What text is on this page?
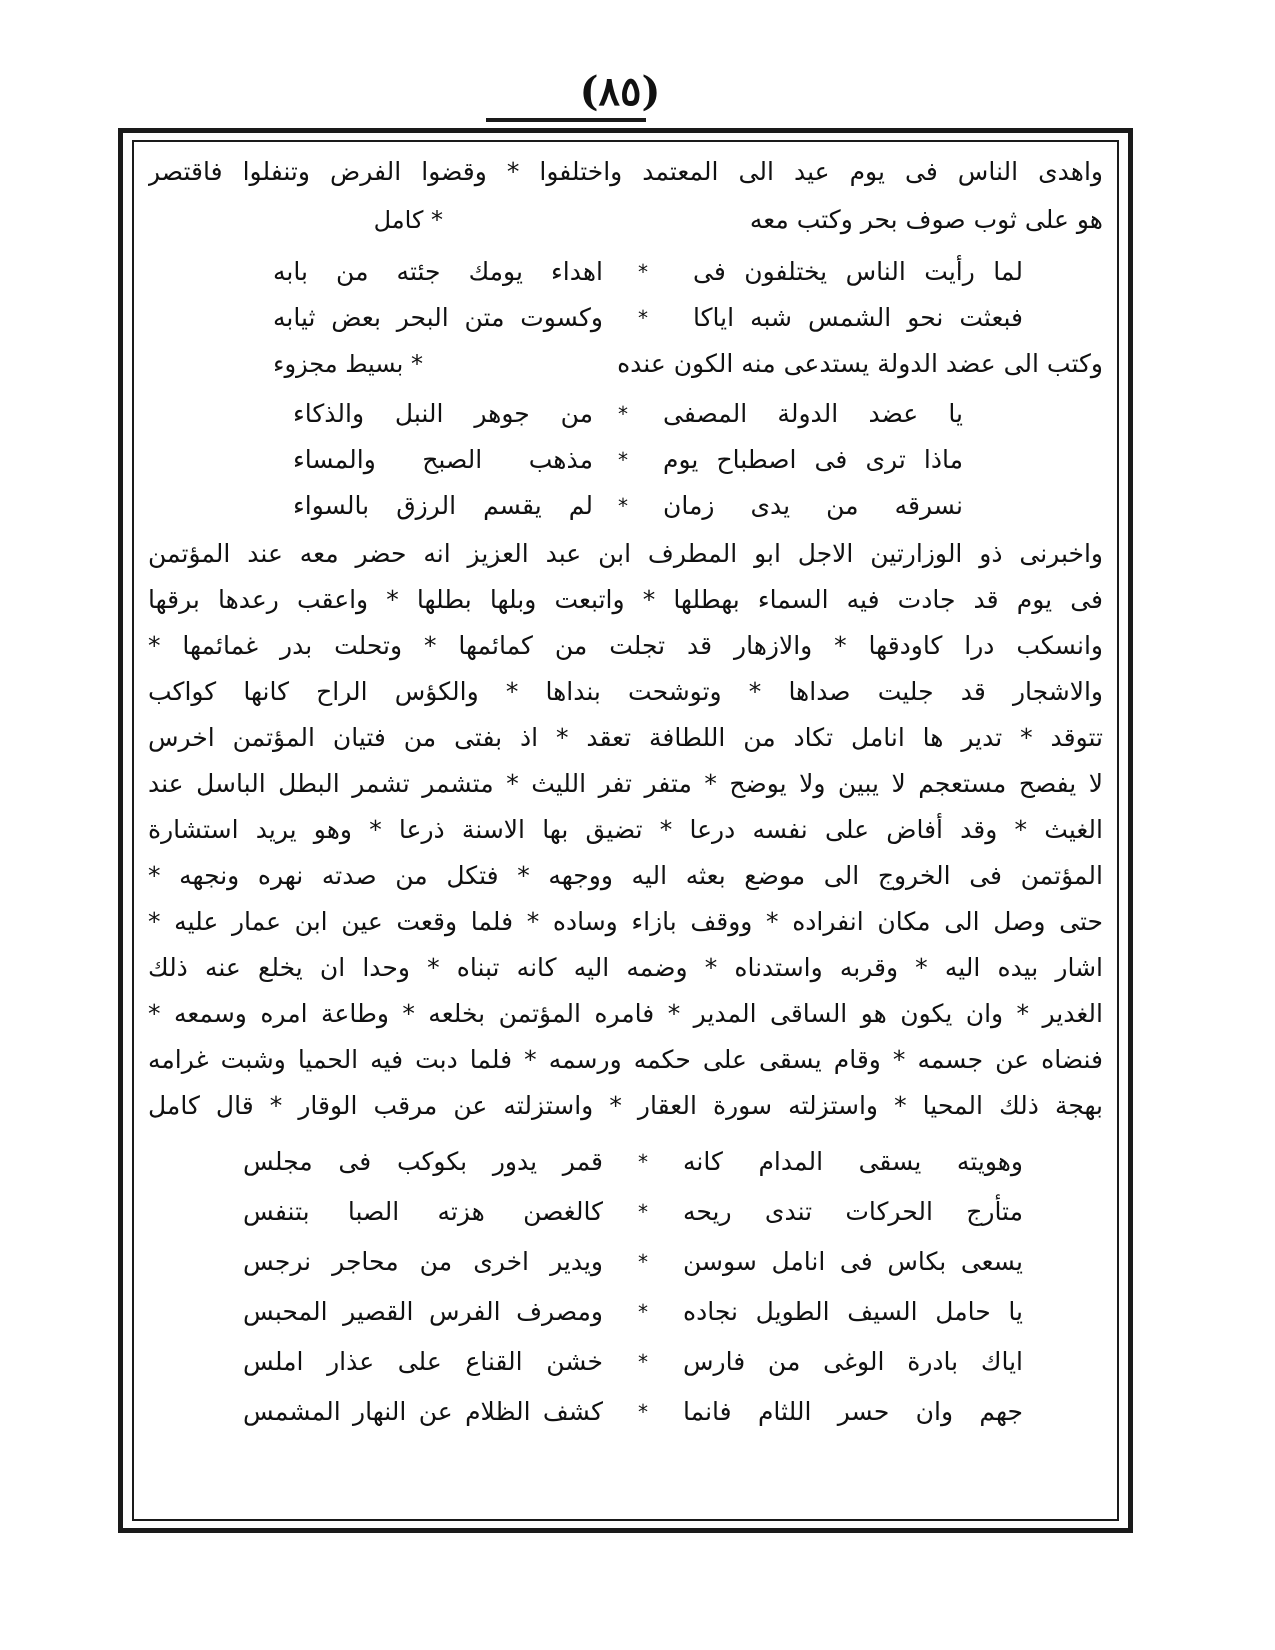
(٨٥)
واهدى الناس فى يوم عيد الى المعتمد واختلفوا * وقضوا الفرض وتنفلوا فاقتصر
هو على ثوب صوف بحر وكتب معه
* كامل
لما رأيت الناس يختلفون فى
*
اهداء يومك جئته من بابه
فبعثت نحو الشمس شبه اياكا
*
وكسوت متن البحر بعض ثيابه
وكتب الى عضد الدولة يستدعى منه الكون عنده
* بسيط مجزوء
يا عضد الدولة المصفى
*
من جوهر النبل والذكاء
ماذا ترى فى اصطباح يوم
*
مذهب الصبح والمساء
نسرقه من يدى زمان
*
لم يقسم الرزق بالسواء
واخبرنى ذو الوزارتين الاجل ابو المطرف ابن عبد العزيز انه حضر معه عند المؤتمن
فى يوم قد جادت فيه السماء بهطلها * واتبعت وبلها بطلها * واعقب رعدها برقها
وانسكب درا كاودقها * والازهار قد تجلت من كمائمها * وتحلت بدر غمائمها *
والاشجار قد جليت صداها * وتوشحت بنداها * والكؤس الراح كانها كواكب
تتوقد * تدير ها انامل تكاد من اللطافة تعقد * اذ بفتى من فتيان المؤتمن اخرس
لا يفصح مستعجم لا يبين ولا يوضح * متفر تفر الليث * متشمر تشمر البطل الباسل عند
الغيث * وقد أفاض على نفسه درعا * تضيق بها الاسنة ذرعا * وهو يريد استشارة
المؤتمن فى الخروج الى موضع بعثه اليه ووجهه * فتكل من صدته نهره ونجهه *
حتى وصل الى مكان انفراده * ووقف بازاء وساده * فلما وقعت عين ابن عمار عليه *
اشار بيده اليه * وقربه واستدناه * وضمه اليه كانه تبناه * وحدا ان يخلع عنه ذلك
الغدير * وان يكون هو الساقى المدير * فامره المؤتمن بخلعه * وطاعة امره وسمعه *
فنضاه عن جسمه * وقام يسقى على حكمه ورسمه * فلما دبت فيه الحميا وشبت غرامه
بهجة ذلك المحيا * واستزلته سورة العقار * واستزلته عن مرقب الوقار * قال كامل
وهويته يسقى المدام كانه
*
قمر يدور بكوكب فى مجلس
متأرج الحركات تندى ريحه
*
كالغصن هزته الصبا بتنفس
يسعى بكاس فى انامل سوسن
*
ويدير اخرى من محاجر نرجس
يا حامل السيف الطويل نجاده
*
ومصرف الفرس القصير المحبس
اياك بادرة الوغى من فارس
*
خشن القناع على عذار املس
جهم وان حسر اللثام فانما
*
كشف الظلام عن النهار المشمس
